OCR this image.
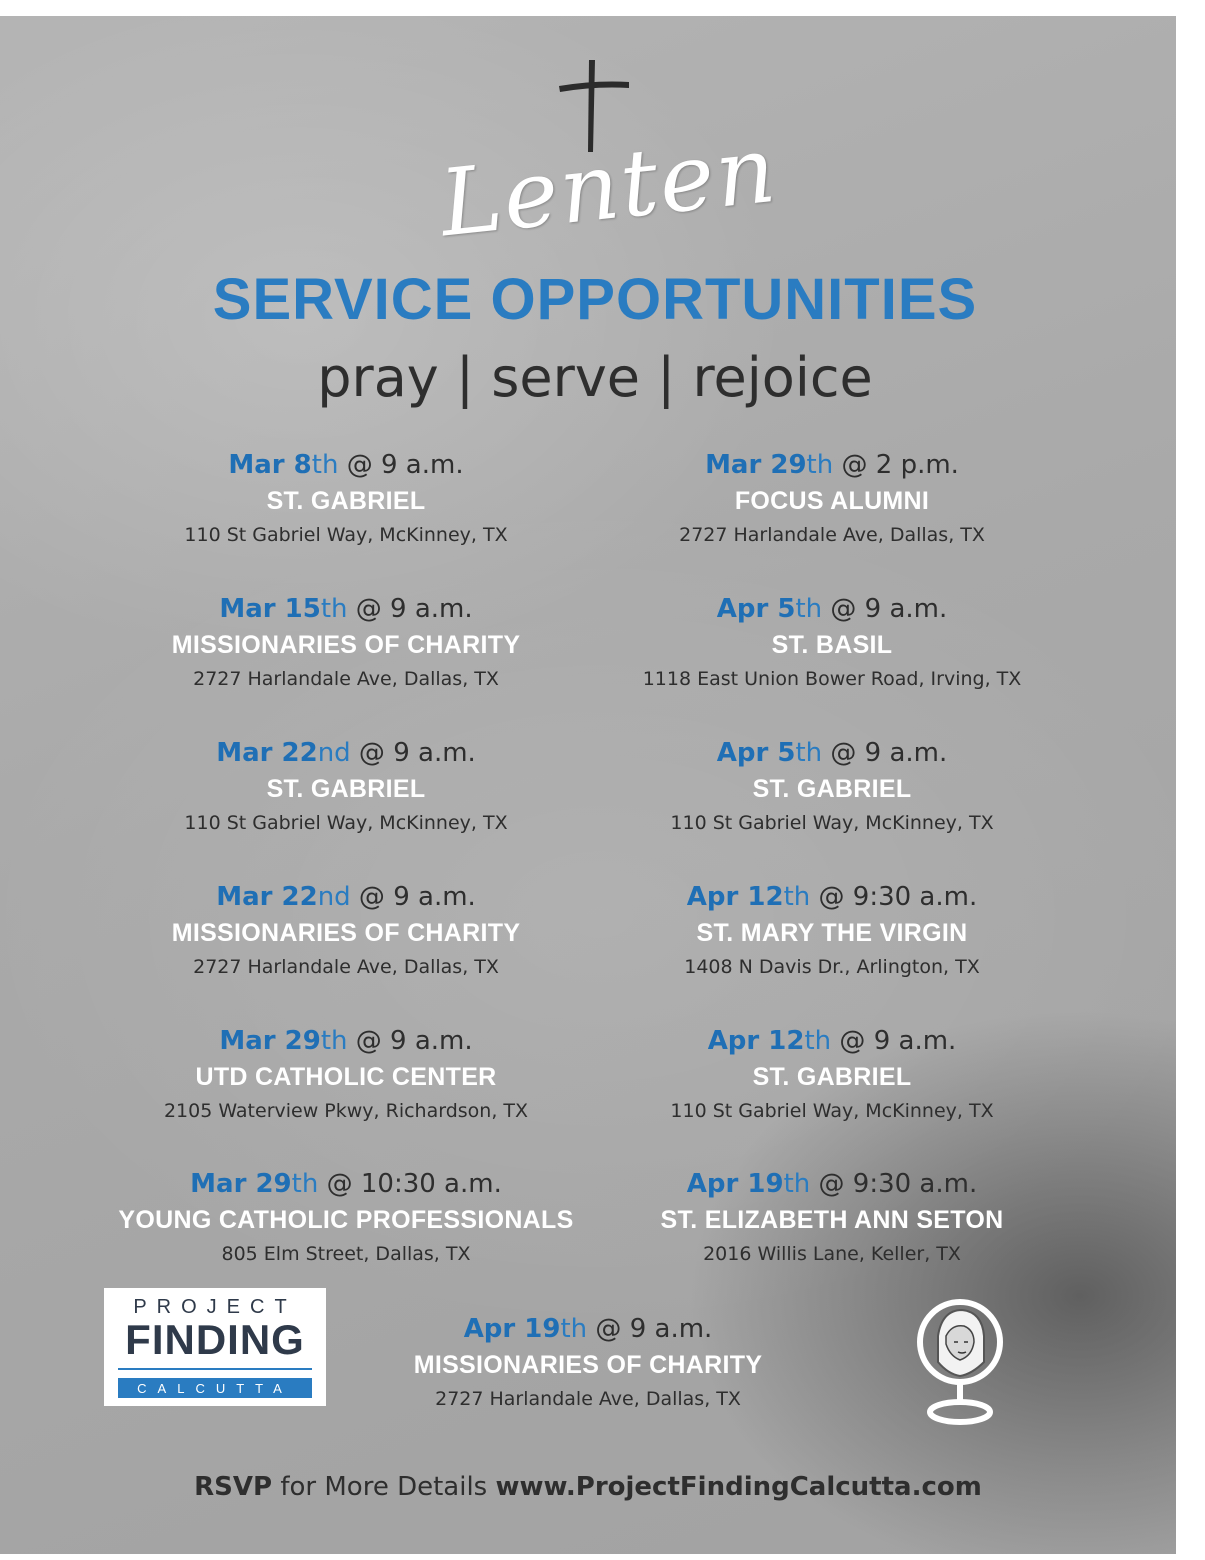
Lenten
SERVICE OPPORTUNITIES
pray | serve | rejoice
Mar 8th @ 9 a.m.
ST. GABRIEL
110 St Gabriel Way, McKinney, TX
Mar 15th @ 9 a.m.
MISSIONARIES OF CHARITY
2727 Harlandale Ave, Dallas, TX
Mar 22nd @ 9 a.m.
ST. GABRIEL
110 St Gabriel Way, McKinney, TX
Mar 22nd @ 9 a.m.
MISSIONARIES OF CHARITY
2727 Harlandale Ave, Dallas, TX
Mar 29th @ 9 a.m.
UTD CATHOLIC CENTER
2105 Waterview Pkwy, Richardson, TX
Mar 29th @ 10:30 a.m.
YOUNG CATHOLIC PROFESSIONALS
805 Elm Street, Dallas, TX
Mar 29th @ 2 p.m.
FOCUS ALUMNI
2727 Harlandale Ave, Dallas, TX
Apr 5th @ 9 a.m.
ST. BASIL
1118 East Union Bower Road, Irving, TX
Apr 5th @ 9 a.m.
ST. GABRIEL
110 St Gabriel Way, McKinney, TX
Apr 12th @ 9:30 a.m.
ST. MARY THE VIRGIN
1408 N Davis Dr., Arlington, TX
Apr 12th @ 9 a.m.
ST. GABRIEL
110 St Gabriel Way, McKinney, TX
Apr 19th @ 9:30 a.m.
ST. ELIZABETH ANN SETON
2016 Willis Lane, Keller, TX
Apr 19th @ 9 a.m.
MISSIONARIES OF CHARITY
2727 Harlandale Ave, Dallas, TX
PROJECT
FINDING
CALCUTTA
RSVP for More Details www.ProjectFindingCalcutta.com
